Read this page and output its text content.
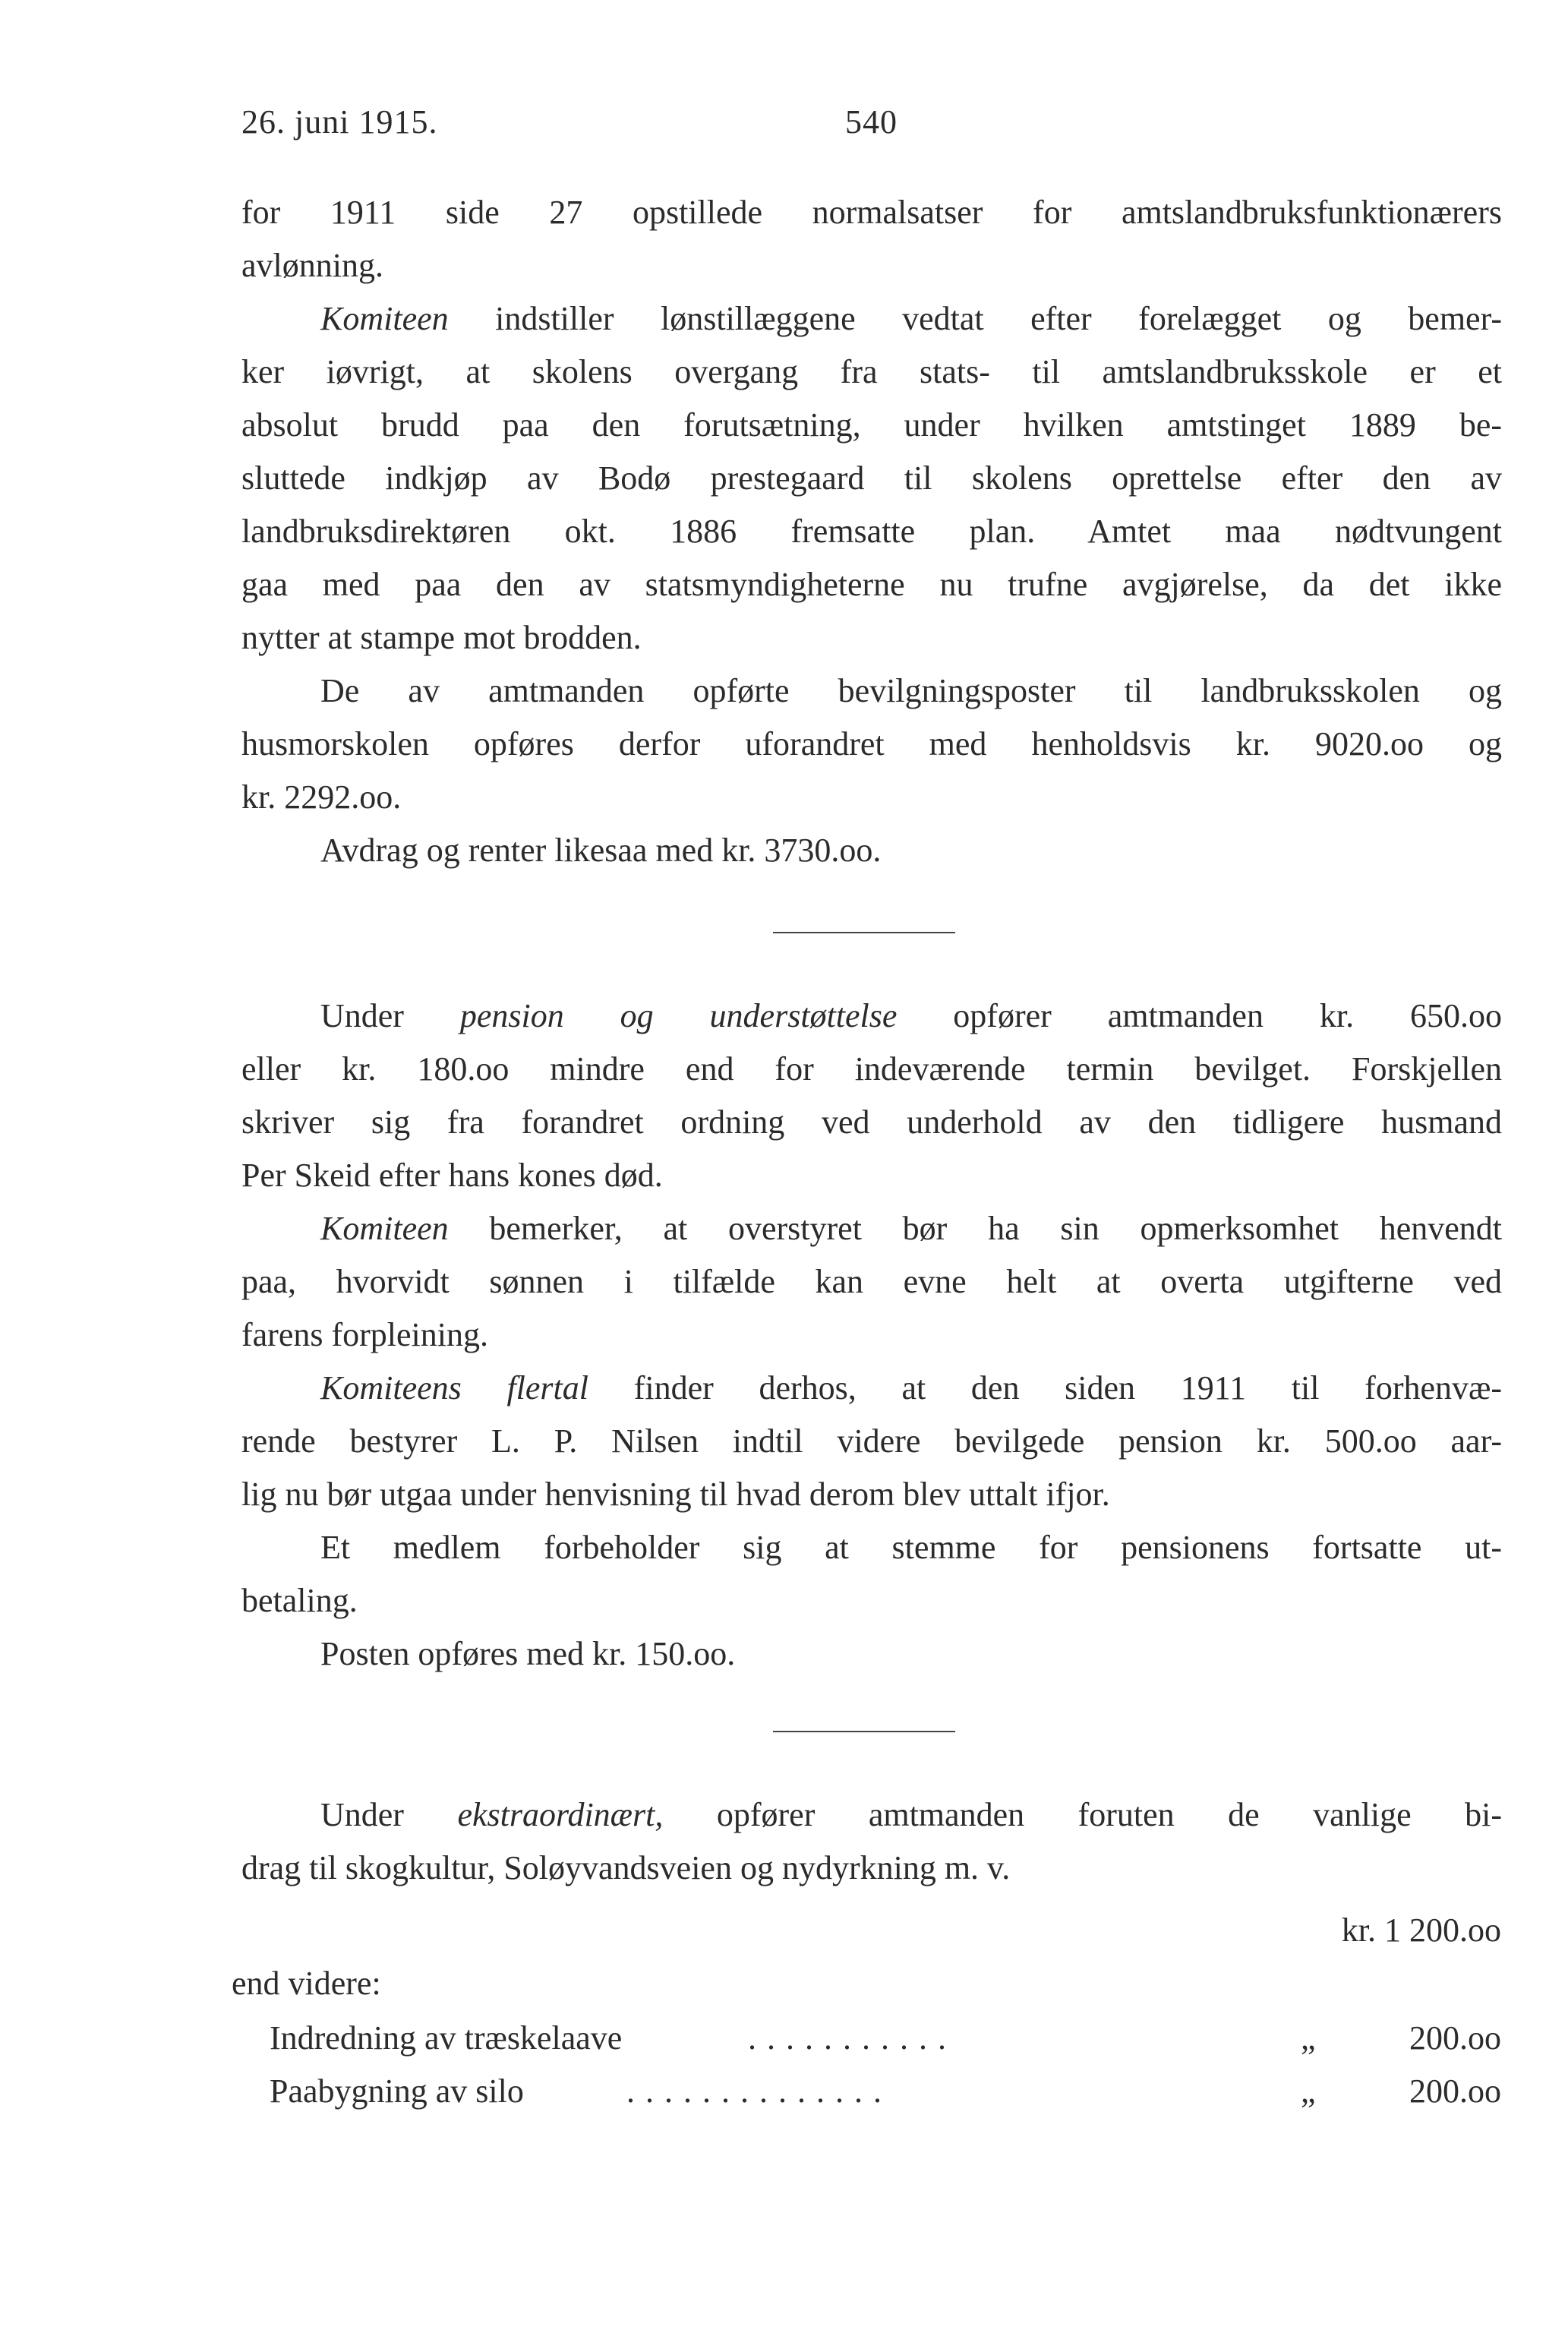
26. juni 1915.	540
for 1911 side 27 opstillede normalsatser for amtslandbruksfunktionærers
avlønning.
Komiteen indstiller lønstillæggene vedtat efter forelægget og bemer-
ker iøvrigt, at skolens overgang fra stats- til amtslandbruksskole er et
absolut brudd paa den forutsætning, under hvilken amtstinget 1889 be-
sluttede indkjøp av Bodø prestegaard til skolens oprettelse efter den av
landbruksdirektøren okt. 1886 fremsatte plan. Amtet maa nødtvungent
gaa med paa den av statsmyndigheterne nu trufne avgjørelse, da det ikke
nytter at stampe mot brodden.
De av amtmanden opførte bevilgningsposter til landbruksskolen og
husmorskolen opføres derfor uforandret med henholdsvis kr. 9020.oo og
kr. 2292.oo.
Avdrag og renter likesaa med kr. 3730.oo.
Under pension og understøttelse opfører amtmanden kr. 650.oo
eller kr. 180.oo mindre end for indeværende termin bevilget. Forskjellen
skriver sig fra forandret ordning ved underhold av den tidligere husmand
Per Skeid efter hans kones død.
Komiteen bemerker, at overstyret bør ha sin opmerksomhet henvendt
paa, hvorvidt sønnen i tilfælde kan evne helt at overta utgifterne ved
farens forpleining.
Komiteens flertal finder derhos, at den siden 1911 til forhenvæ-
rende bestyrer L. P. Nilsen indtil videre bevilgede pension kr. 500.oo aar-
lig nu bør utgaa under henvisning til hvad derom blev uttalt ifjor.
Et medlem forbeholder sig at stemme for pensionens fortsatte ut-
betaling.
Posten opføres med kr. 150.oo.
Under ekstraordinært, opfører amtmanden foruten de vanlige bi-
drag til skogkultur, Soløyvandsveien og nydyrkning m. v.
kr. 1 200.oo
end videre:
Indredning av træskelaave	...........	„	200.oo
Paabygning av silo	..............	„	200.oo
